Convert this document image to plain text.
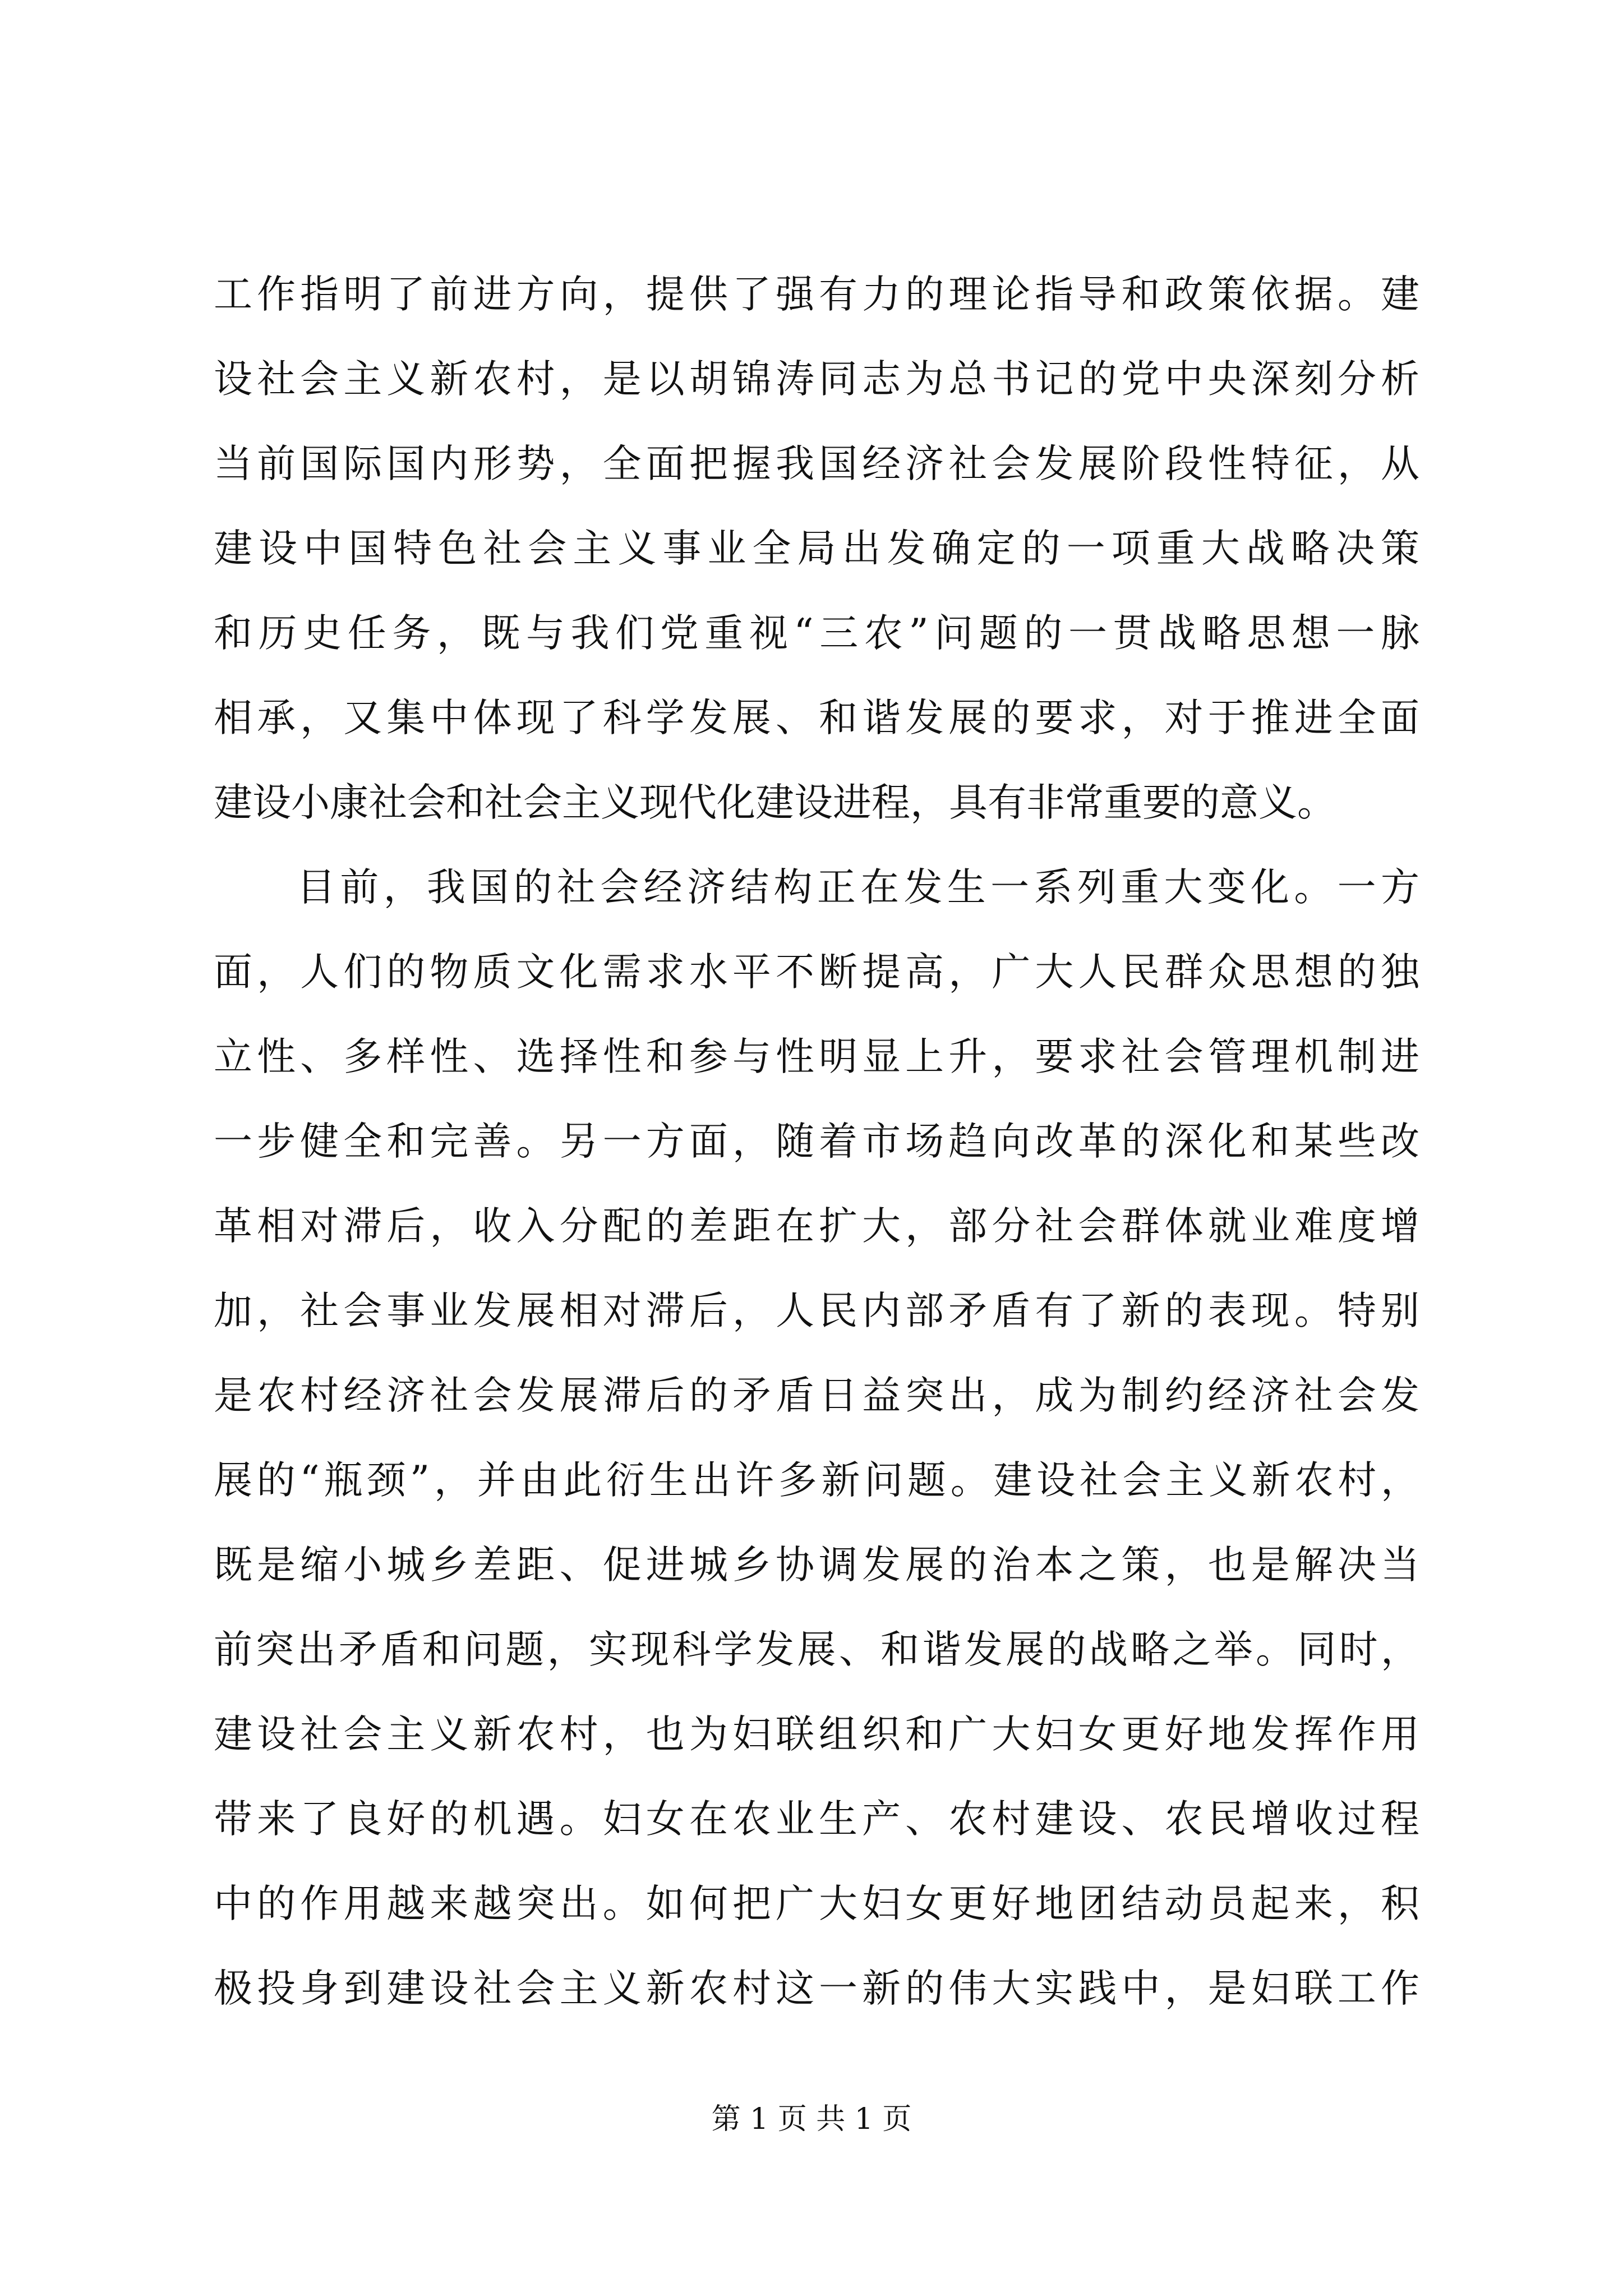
工作指明了前进方向，提供了强有力的理论指导和政策依据。建
设社会主义新农村，是以胡锦涛同志为总书记的党中央深刻分析
当前国际国内形势，全面把握我国经济社会发展阶段性特征，从
建设中国特色社会主义事业全局出发确定的一项重大战略决策
和历史任务，既与我们党重视“三农”问题的一贯战略思想一脉
相承，又集中体现了科学发展、和谐发展的要求，对于推进全面
建设小康社会和社会主义现代化建设进程，具有非常重要的意义。
目前，我国的社会经济结构正在发生一系列重大变化。一方
面，人们的物质文化需求水平不断提高，广大人民群众思想的独
立性、多样性、选择性和参与性明显上升，要求社会管理机制进
一步健全和完善。另一方面，随着市场趋向改革的深化和某些改
革相对滞后，收入分配的差距在扩大，部分社会群体就业难度增
加，社会事业发展相对滞后，人民内部矛盾有了新的表现。特别
是农村经济社会发展滞后的矛盾日益突出，成为制约经济社会发
展的“瓶颈”，并由此衍生出许多新问题。建设社会主义新农村，
既是缩小城乡差距、促进城乡协调发展的治本之策，也是解决当
前突出矛盾和问题，实现科学发展、和谐发展的战略之举。同时，
建设社会主义新农村，也为妇联组织和广大妇女更好地发挥作用
带来了良好的机遇。妇女在农业生产、农村建设、农民增收过程
中的作用越来越突出。如何把广大妇女更好地团结动员起来，积
极投身到建设社会主义新农村这一新的伟大实践中，是妇联工作
第 1 页 共 1 页
